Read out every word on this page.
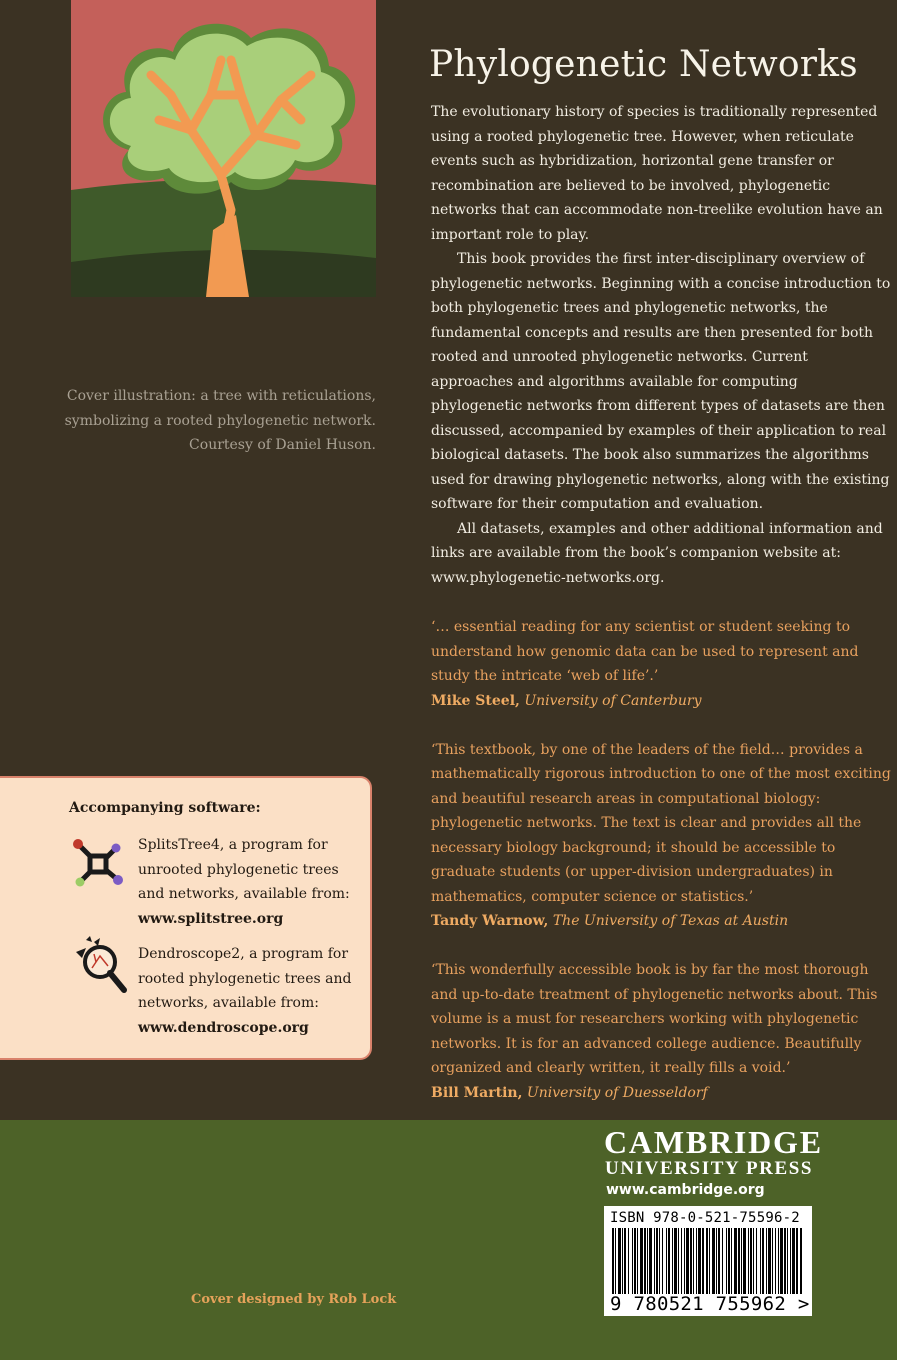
Cover illustration: a tree with reticulations,
symbolizing a rooted phylogenetic network.
Courtesy of Daniel Huson.
Phylogenetic Networks

The evolutionary history of species is traditionally represented using a rooted phylogenetic tree. However, when reticulate events such as hybridization, horizontal gene transfer or recombination are believed to be involved, phylogenetic networks that can accommodate non-treelike evolution have an important role to play.

This book provides the first inter-disciplinary overview of phylogenetic networks. Beginning with a concise introduction to both phylogenetic trees and phylogenetic networks, the fundamental concepts and results are then presented for both rooted and unrooted phylogenetic networks. Current approaches and algorithms available for computing phylogenetic networks from different types of datasets are then discussed, accompanied by examples of their application to real biological datasets. The book also summarizes the algorithms used for drawing phylogenetic networks, along with the existing software for their computation and evaluation.

All datasets, examples and other additional information and links are available from the book’s companion website at: www.phylogenetic-networks.org.

‘… essential reading for any scientist or student seeking to understand how genomic data can be used to represent and study the intricate ‘web of life’.’

Mike Steel, University of Canterbury

‘This textbook, by one of the leaders of the field… provides a mathematically rigorous introduction to one of the most exciting and beautiful research areas in computational biology: phylogenetic networks. The text is clear and provides all the necessary biology background; it should be accessible to graduate students (or upper-division undergraduates) in mathematics, computer science or statistics.’

Tandy Warnow, The University of Texas at Austin

‘This wonderfully accessible book is by far the most thorough and up-to-date treatment of phylogenetic networks about. This volume is a must for researchers working with phylogenetic networks. It is for an advanced college audience. Beautifully organized and clearly written, it really fills a void.’

Bill Martin, University of Duesseldorf

Accompanying software:

SplitsTree4, a program for

unrooted phylogenetic trees

and networks, available from:

www.splitstree.org

Dendroscope2, a program for

rooted phylogenetic trees and

networks, available from:

www.dendroscope.org

Cover designed by Rob Lock
CAMBRIDGE
UNIVERSITY PRESS
www.cambridge.org
ISBN 978-0-521-75596-2
9 780521 755962 >
